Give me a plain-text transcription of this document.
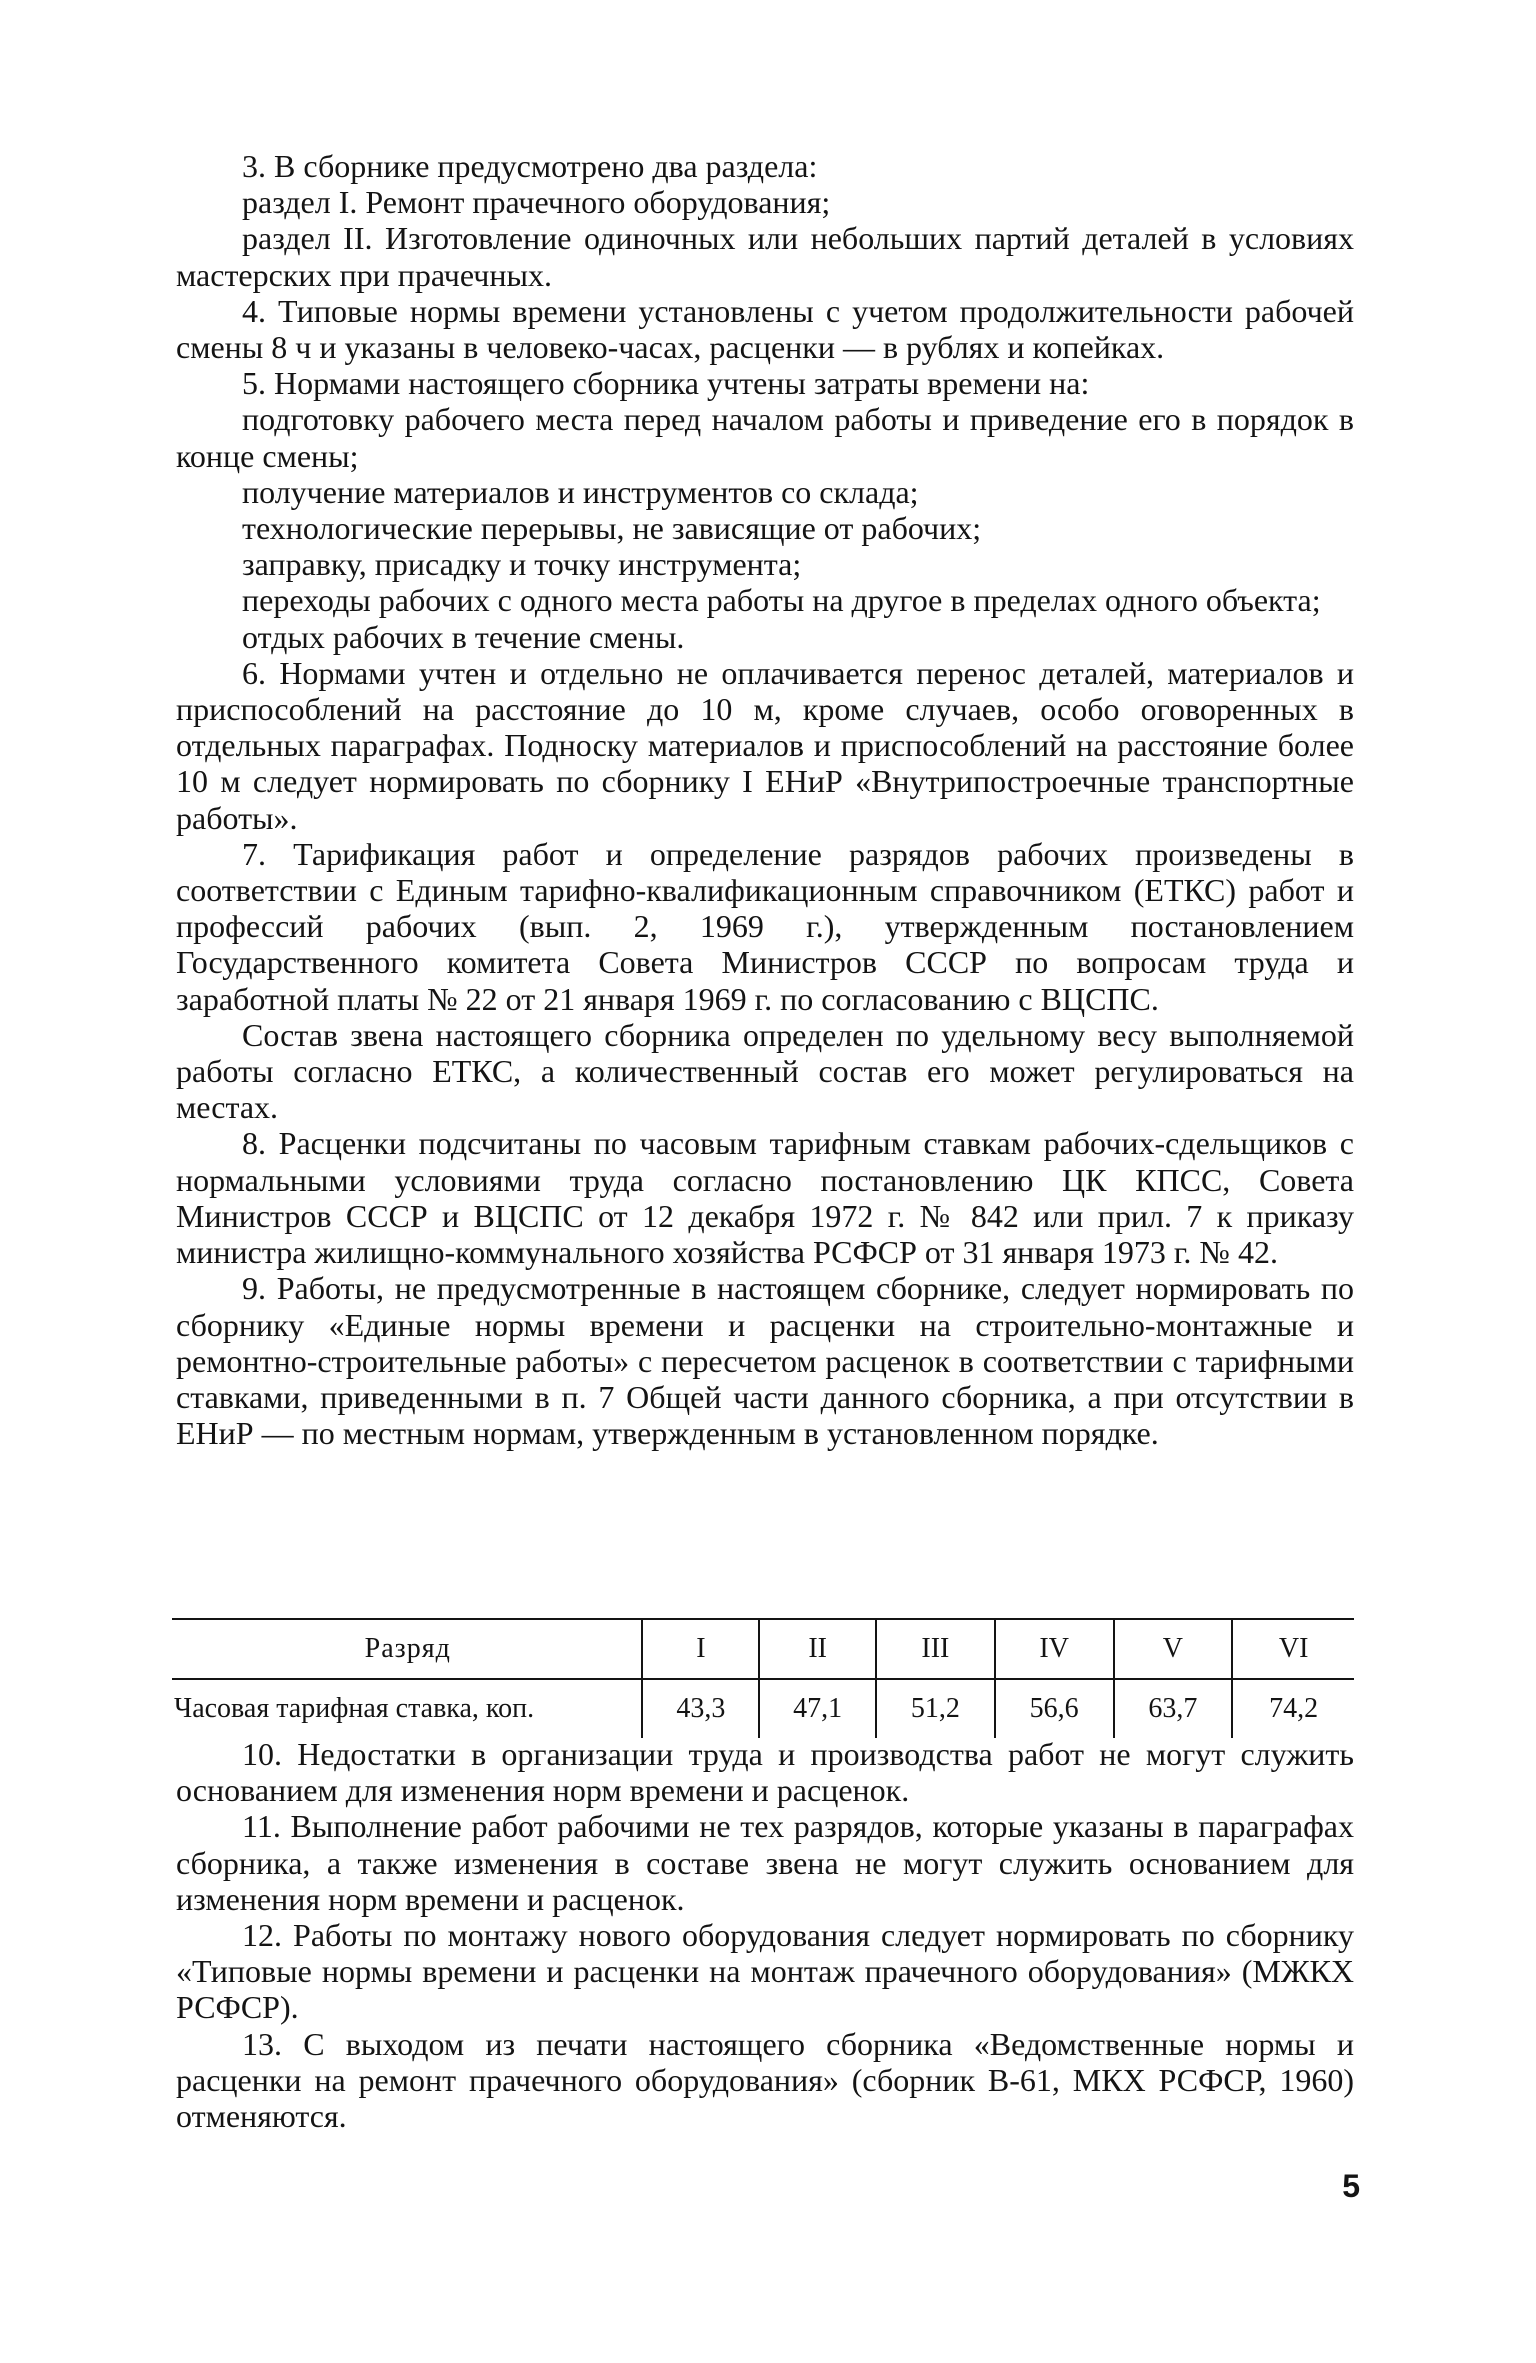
3. В сборнике предусмотрено два раздела:

раздел I. Ремонт прачечного оборудования;

раздел II. Изготовление одиночных или небольших партий деталей в условиях мастерских при прачечных.

4. Типовые нормы времени установлены с учетом продолжительности рабочей смены 8 ч и указаны в человеко-часах, расценки — в рублях и копейках.

5. Нормами настоящего сборника учтены затраты времени на:

подготовку рабочего места перед началом работы и приведение его в порядок в конце смены;

получение материалов и инструментов со склада;

технологические перерывы, не зависящие от рабочих;

заправку, присадку и точку инструмента;

переходы рабочих с одного места работы на другое в пределах одного объекта;

отдых рабочих в течение смены.

6. Нормами учтен и отдельно не оплачивается перенос деталей, материалов и приспособлений на расстояние до 10 м, кроме случаев, особо оговоренных в отдельных параграфах. Подноску материалов и приспособлений на расстояние более 10 м следует нормировать по сборнику I ЕНиР «Внутрипостроечные транспортные работы».

7. Тарификация работ и определение разрядов рабочих произведены в соответствии с Единым тарифно-квалификационным справочником (ЕТКС) работ и профессий рабочих (вып. 2, 1969 г.), утвержденным постановлением Государственного комитета Совета Министров СССР по вопросам труда и заработной платы № 22 от 21 января 1969 г. по согласованию с ВЦСПС.

Состав звена настоящего сборника определен по удельному весу выполняемой работы согласно ЕТКС, а количественный состав его может регулироваться на местах.

8. Расценки подсчитаны по часовым тарифным ставкам рабочих-сдельщиков с нормальными условиями труда согласно постановлению ЦК КПСС, Совета Министров СССР и ВЦСПС от 12 декабря 1972 г. № 842 или прил. 7 к приказу министра жилищно-коммунального хозяйства РСФСР от 31 января 1973 г. № 42.

9. Работы, не предусмотренные в настоящем сборнике, следует нормировать по сборнику «Единые нормы времени и расценки на строительно-монтажные и ремонтно-строительные работы» с пересчетом расценок в соответствии с тарифными ставками, приведенными в п. 7 Общей части данного сборника, а при отсутствии в ЕНиР — по местным нормам, утвержденным в установленном порядке.

Разряд	I	II	III	IV	V	VI
Часовая тарифная ставка, коп.	43,3	47,1	51,2	56,6	63,7	74,2

10. Недостатки в организации труда и производства работ не могут служить основанием для изменения норм времени и расценок.

11. Выполнение работ рабочими не тех разрядов, которые указаны в параграфах сборника, а также изменения в составе звена не могут служить основанием для изменения норм времени и расценок.

12. Работы по монтажу нового оборудования следует нормировать по сборнику «Типовые нормы времени и расценки на монтаж прачечного оборудования» (МЖКХ РСФСР).

13. С выходом из печати настоящего сборника «Ведомственные нормы и расценки на ремонт прачечного оборудования» (сборник В-61, МКХ РСФСР, 1960) отменяются.

5
